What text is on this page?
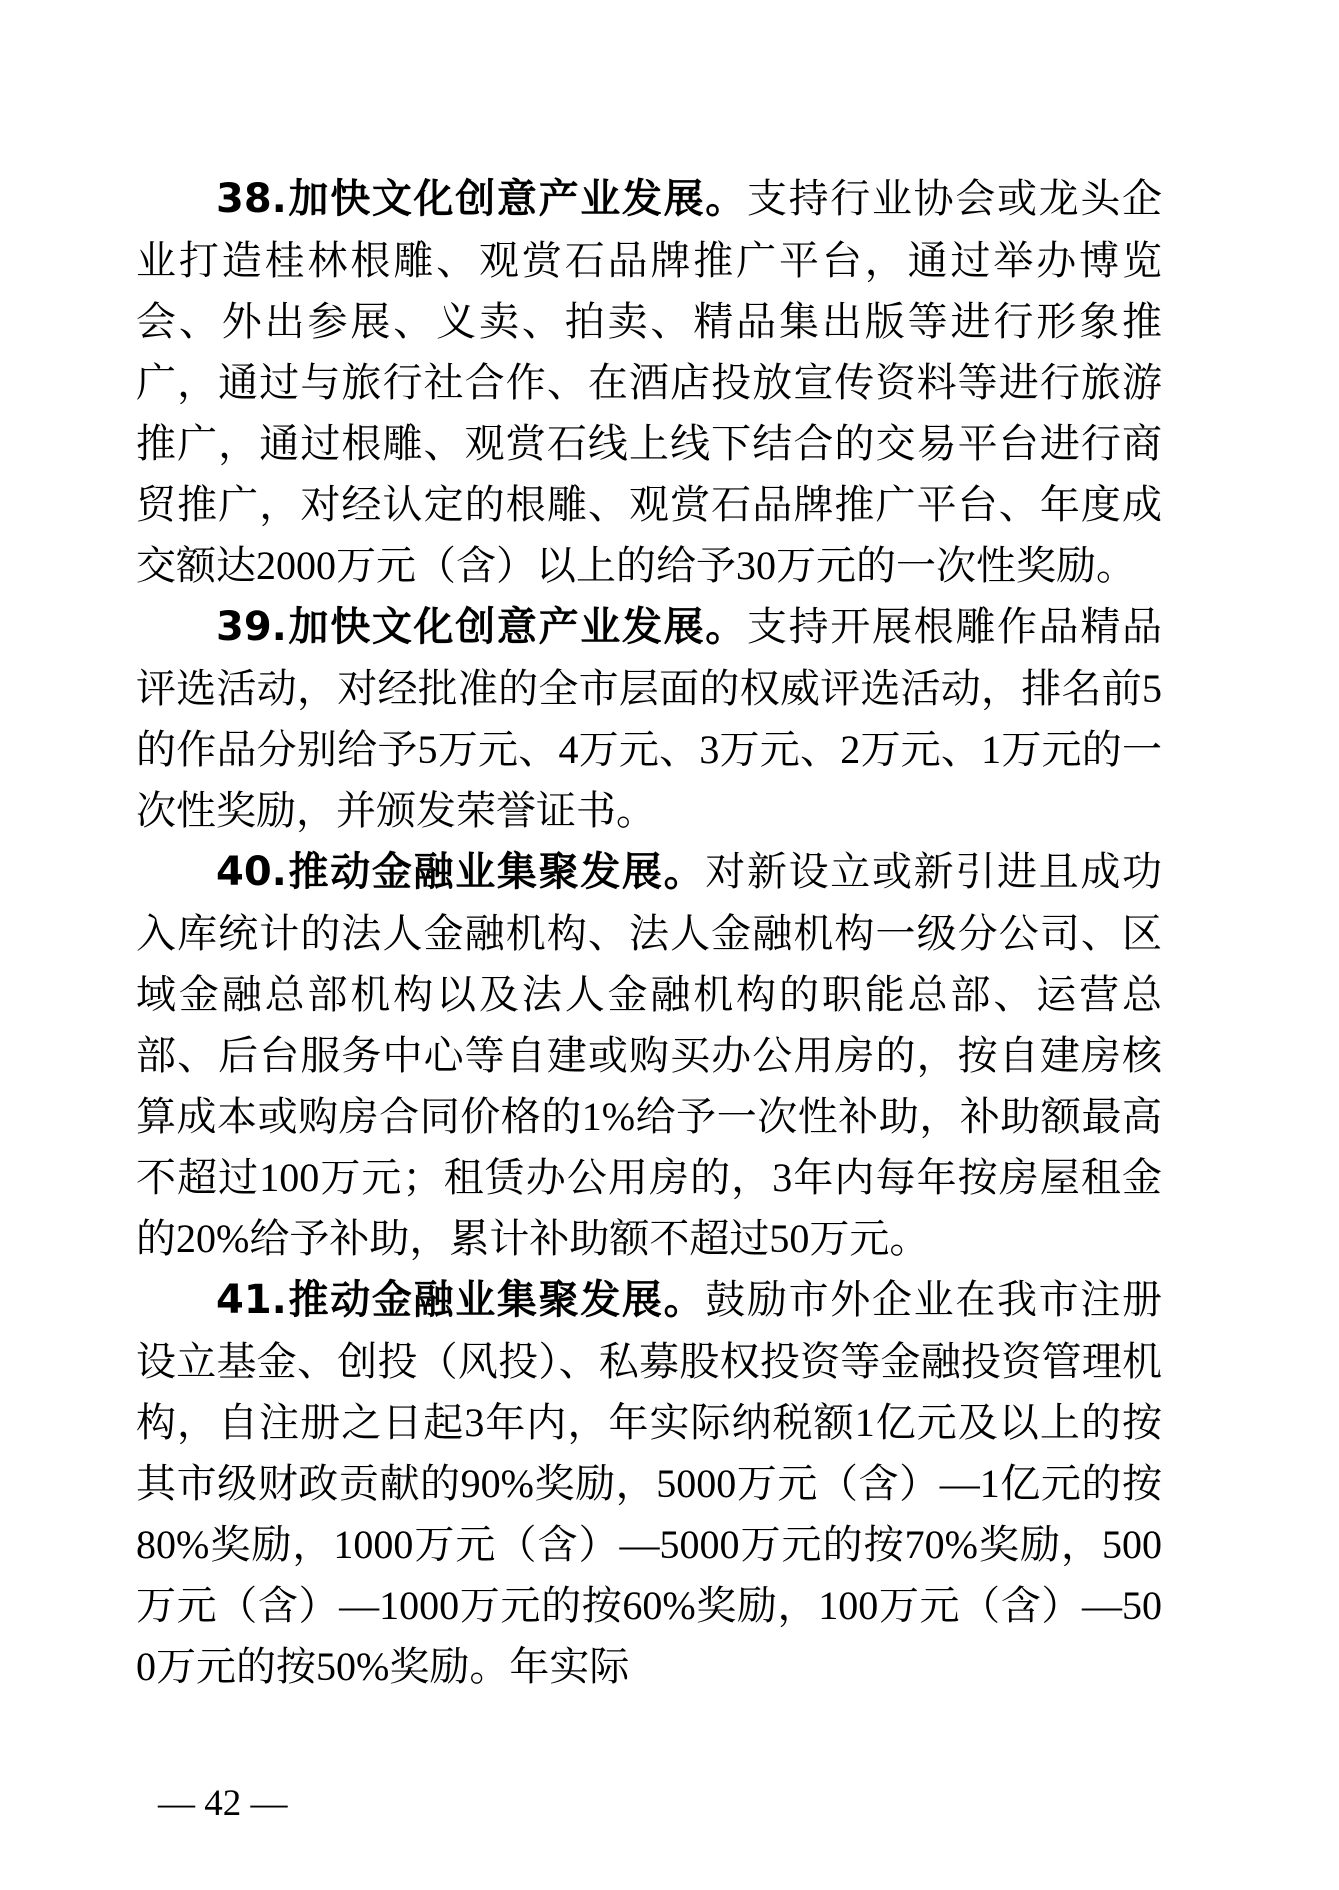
38.加快文化创意产业发展。支持行业协会或龙头企业打造桂林根雕、观赏石品牌推广平台，通过举办博览会、外出参展、义卖、拍卖、精品集出版等进行形象推广，通过与旅行社合作、在酒店投放宣传资料等进行旅游推广，通过根雕、观赏石线上线下结合的交易平台进行商贸推广，对经认定的根雕、观赏石品牌推广平台、年度成交额达2000万元（含）以上的给予30万元的一次性奖励。

39.加快文化创意产业发展。支持开展根雕作品精品评选活动，对经批准的全市层面的权威评选活动，排名前5的作品分别给予5万元、4万元、3万元、2万元、1万元的一次性奖励，并颁发荣誉证书。

40.推动金融业集聚发展。对新设立或新引进且成功入库统计的法人金融机构、法人金融机构一级分公司、区域金融总部机构以及法人金融机构的职能总部、运营总部、后台服务中心等自建或购买办公用房的，按自建房核算成本或购房合同价格的1%给予一次性补助，补助额最高不超过100万元；租赁办公用房的，3年内每年按房屋租金的20%给予补助，累计补助额不超过50万元。

41.推动金融业集聚发展。鼓励市外企业在我市注册设立基金、创投（风投）、私募股权投资等金融投资管理机构，自注册之日起3年内，年实际纳税额1亿元及以上的按其市级财政贡献的90%奖励，5000万元（含）—1亿元的按80%奖励，1000万元（含）—5000万元的按70%奖励，500万元（含）—1000万元的按60%奖励，100万元（含）—500万元的按50%奖励。年实际

— 42 —
